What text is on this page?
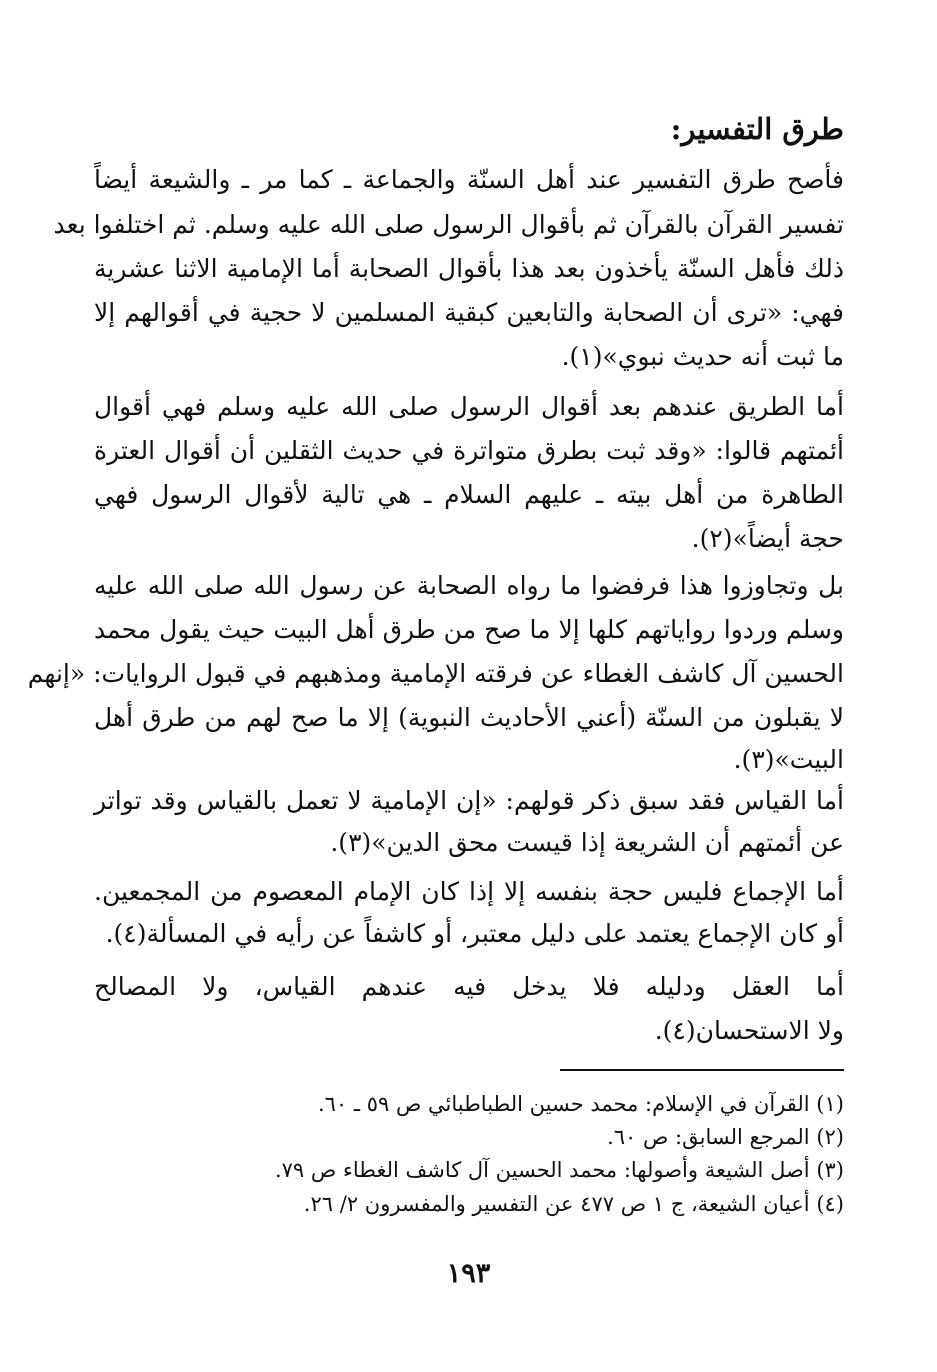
طرق التفسير:
فأصح طرق التفسير عند أهل السنّة والجماعة ـ كما مر ـ والشيعة أيضاً
تفسير القرآن بالقرآن ثم بأقوال الرسول صلى الله عليه وسلم. ثم اختلفوا بعد
ذلك فأهل السنّة يأخذون بعد هذا بأقوال الصحابة أما الإمامية الاثنا عشرية
فهي: «ترى أن الصحابة والتابعين كبقية المسلمين لا حجية في أقوالهم إلا
ما ثبت أنه حديث نبوي»(١).
أما الطريق عندهم بعد أقوال الرسول صلى الله عليه وسلم فهي أقوال
أئمتهم قالوا: «وقد ثبت بطرق متواترة في حديث الثقلين أن أقوال العترة
الطاهرة من أهل بيته ـ عليهم السلام ـ هي تالية لأقوال الرسول فهي
حجة أيضاً»(٢).
بل وتجاوزوا هذا فرفضوا ما رواه الصحابة عن رسول الله صلى الله عليه
وسلم وردوا رواياتهم كلها إلا ما صح من طرق أهل البيت حيث يقول محمد
الحسين آل كاشف الغطاء عن فرقته الإمامية ومذهبهم في قبول الروايات: «إنهم
لا يقبلون من السنّة (أعني الأحاديث النبوية) إلا ما صح لهم من طرق أهل
البيت»(٣).
أما القياس فقد سبق ذكر قولهم: «إن الإمامية لا تعمل بالقياس وقد تواتر
عن أئمتهم أن الشريعة إذا قيست محق الدين»(٣).
أما الإجماع فليس حجة بنفسه إلا إذا كان الإمام المعصوم من المجمعين.
أو كان الإجماع يعتمد على دليل معتبر، أو كاشفاً عن رأيه في المسألة(٤).
أما العقل ودليله فلا يدخل فيه عندهم القياس، ولا المصالح
ولا الاستحسان(٤).
(١) القرآن في الإسلام: محمد حسين الطباطبائي ص ٥٩ ـ ٦٠.
(٢) المرجع السابق: ص ٦٠.
(٣) أصل الشيعة وأصولها: محمد الحسين آل كاشف الغطاء ص ٧٩.
(٤) أعيان الشيعة، ج ١ ص ٤٧٧ عن التفسير والمفسرون ٢/ ٢٦.
١٩٣
